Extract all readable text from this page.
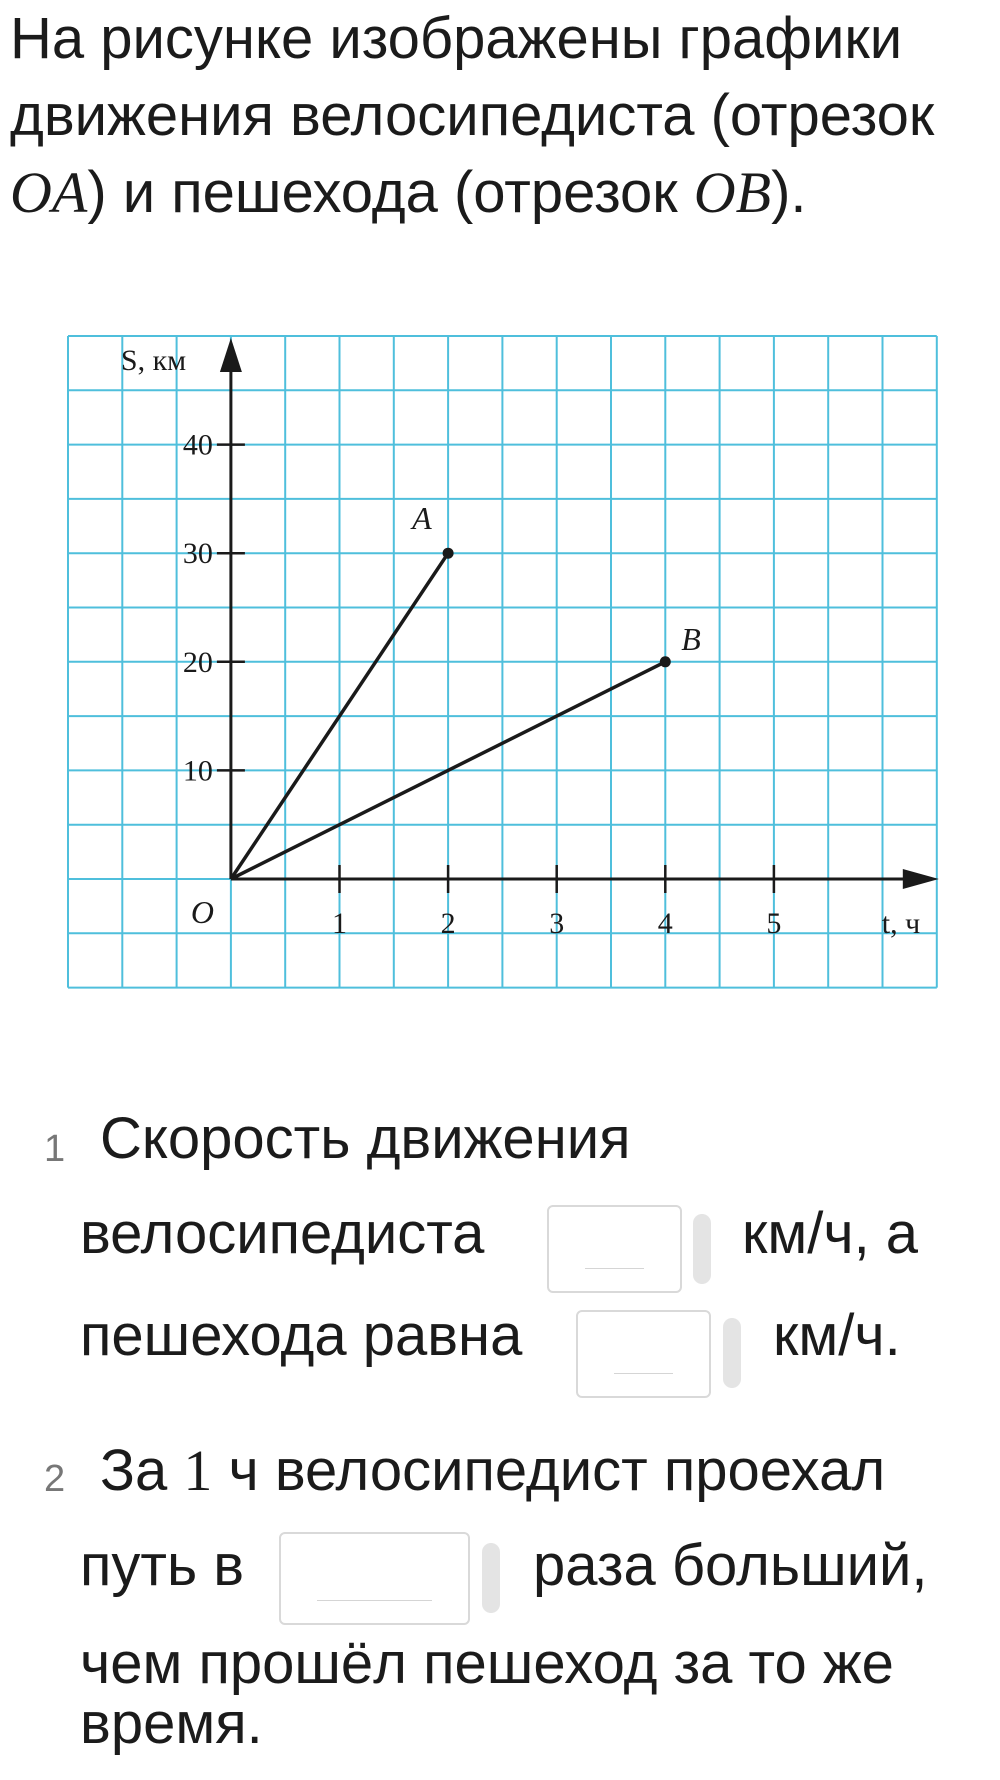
На рисунке изображены графики движения велосипедиста (отрезок OA) и пешехода (отрезок OB).
10
20
30
40
1	2	3	4	5
S, км
t, ч
O
A
B
1 Скорость движения
велосипедиста	км/ч, а
пешехода равна	км/ч.
2 За 1 ч велосипедист проехал
путь в	раза больший,
чем прошёл пешеход за то же
время.
